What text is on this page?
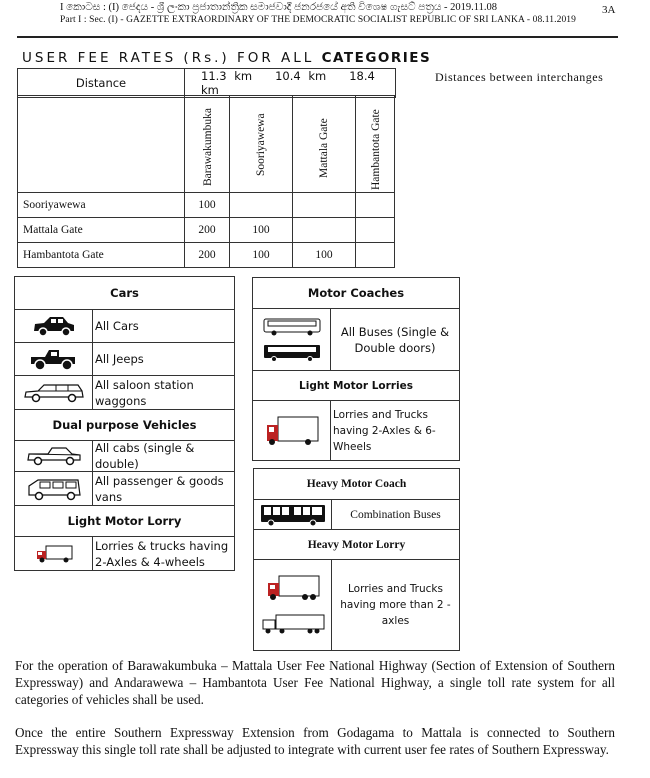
I කොටස : (I) ජෙදය - ශ්‍රී ලංකා ප්‍රජාතාන්ත්‍රික සමාජවාදී ජනරජයේ අති විශෙෂ ගැසට් පත්‍රය - 2019.11.08
Part I : Sec. (I) - GAZETTE EXTRAORDINARY OF THE DEMOCRATIC SOCIALIST REPUBLIC OF SRI LANKA - 08.11.2019
3A
USER FEE RATES (Rs.) FOR ALL CATEGORIES
Distances between interchanges
Distance	11.3 km 10.4 km 18.4 km

	Barawakumbuka	Sooriyawewa	Mattala Gate	Hambantota Gate

Sooriyawewa	100			
Mattala Gate	200	100		
Hambantota Gate	200	100	100	
Cars
All Cars
All Jeeps
All saloon station waggons
Dual purpose Vehicles
All cabs (single & double)
All passenger & goods vans
Light Motor Lorry
Lorries & trucks having 2-Axles & 4-wheels
Motor Coaches
All Buses (Single & Double doors)
Light Motor Lorries
Lorries and Trucks having 2-Axles & 6-Wheels
Heavy Motor Coach
Combination Buses
Heavy Motor Lorry
Lorries and Trucks having more than 2 - axles
For the operation of Barawakumbuka – Mattala User Fee National Highway (Section of Extension of Southern Expressway) and Andarawewa – Hambantota User Fee National Highway, a single toll rate system for all categories of vehicles shall be used.
Once the entire Southern Expressway Extension from Godagama to Mattala is connected to Southern Expressway this single toll rate shall be adjusted to integrate with current user fee rates of Southern Expressway.
